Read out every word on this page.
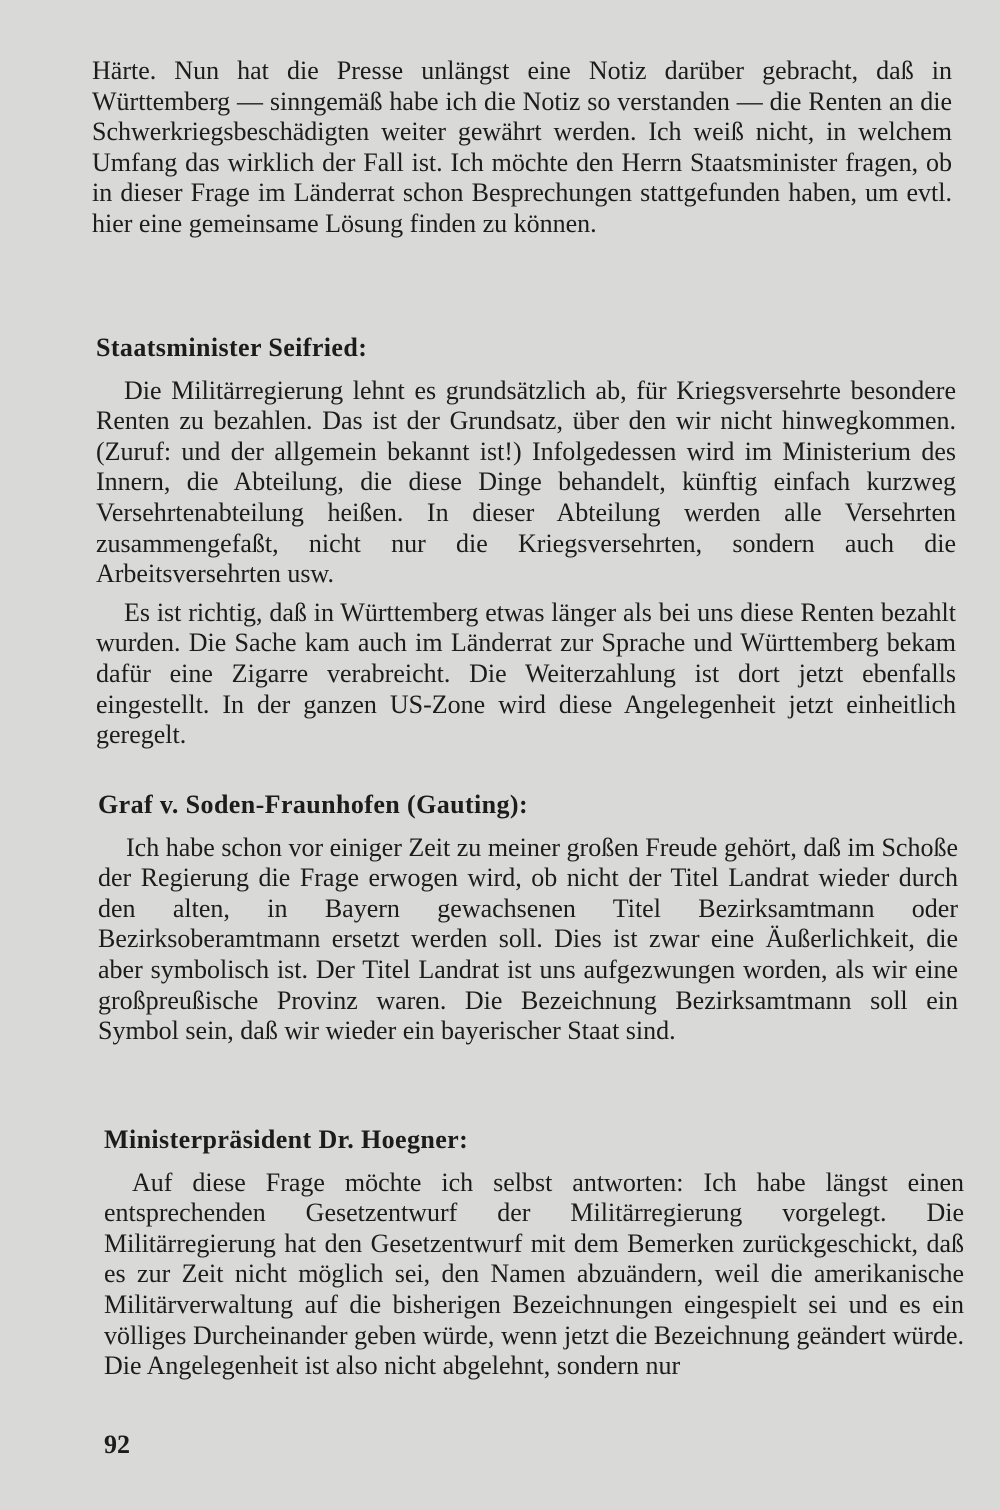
Härte. Nun hat die Presse unlängst eine Notiz darüber gebracht, daß in Württemberg — sinngemäß habe ich die Notiz so verstanden — die Renten an die Schwerkriegsbeschädigten weiter gewährt werden. Ich weiß nicht, in welchem Umfang das wirklich der Fall ist. Ich möchte den Herrn Staatsminister fragen, ob in dieser Frage im Länderrat schon Besprechungen stattgefunden haben, um evtl. hier eine gemeinsame Lösung finden zu können.

Staatsminister Seifried:

Die Militärregierung lehnt es grundsätzlich ab, für Kriegsversehrte besondere Renten zu bezahlen. Das ist der Grundsatz, über den wir nicht hinwegkommen. (Zuruf: und der allgemein bekannt ist!) Infolgedessen wird im Ministerium des Innern, die Abteilung, die diese Dinge behandelt, künftig einfach kurzweg Versehrtenabteilung heißen. In dieser Abteilung werden alle Versehrten zusammengefaßt, nicht nur die Kriegsversehrten, sondern auch die Arbeitsversehrten usw.

Es ist richtig, daß in Württemberg etwas länger als bei uns diese Renten bezahlt wurden. Die Sache kam auch im Länderrat zur Sprache und Württemberg bekam dafür eine Zigarre verabreicht. Die Weiterzahlung ist dort jetzt ebenfalls eingestellt. In der ganzen US-Zone wird diese Angelegenheit jetzt einheitlich geregelt.

Graf v. Soden-Fraunhofen (Gauting):

Ich habe schon vor einiger Zeit zu meiner großen Freude gehört, daß im Schoße der Regierung die Frage erwogen wird, ob nicht der Titel Landrat wieder durch den alten, in Bayern gewachsenen Titel Bezirksamtmann oder Bezirksoberamtmann ersetzt werden soll. Dies ist zwar eine Äußerlichkeit, die aber symbolisch ist. Der Titel Landrat ist uns aufgezwungen worden, als wir eine großpreußische Provinz waren. Die Bezeichnung Bezirksamtmann soll ein Symbol sein, daß wir wieder ein bayerischer Staat sind.

Ministerpräsident Dr. Hoegner:

Auf diese Frage möchte ich selbst antworten: Ich habe längst einen entsprechenden Gesetzentwurf der Militärregierung vorgelegt. Die Militärregierung hat den Gesetzentwurf mit dem Bemerken zurückgeschickt, daß es zur Zeit nicht möglich sei, den Namen abzuändern, weil die amerikanische Militärverwaltung auf die bisherigen Bezeichnungen eingespielt sei und es ein völliges Durcheinander geben würde, wenn jetzt die Bezeichnung geändert würde. Die Angelegenheit ist also nicht abgelehnt, sondern nur

92
